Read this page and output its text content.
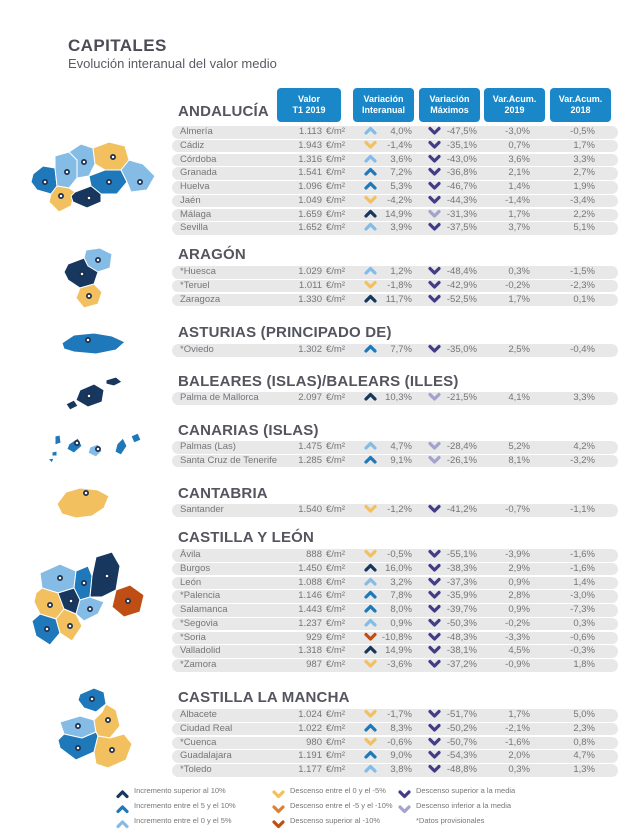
CAPITALES
Evolución interanual del valor medio
Valor
T1 2019
Variación
Interanual
Variación
Máximos
Var.Acum.
2019
Var.Acum.
2018
ANDALUCÍA
Almería	1.113 €/m²	4,0%	-47,5%	-3,0%	-0,5%
Cádiz	1.943 €/m²	-1,4%	-35,1%	0,7%	1,7%
Córdoba	1.316 €/m²	3,6%	-43,0%	3,6%	3,3%
Granada	1.541 €/m²	7,2%	-36,8%	2,1%	2,7%
Huelva	1.096 €/m²	5,3%	-46,7%	1,4%	1,9%
Jaén	1.049 €/m²	-4,2%	-44,3%	-1,4%	-3,4%
Málaga	1.659 €/m²	14,9%	-31,3%	1,7%	2,2%
Sevilla	1.652 €/m²	3,9%	-37,5%	3,7%	5,1%
ARAGÓN
*Huesca	1.029 €/m²	1,2%	-48,4%	0,3%	-1,5%
*Teruel	1.011 €/m²	-1,8%	-42,9%	-0,2%	-2,3%
Zaragoza	1.330 €/m²	11,7%	-52,5%	1,7%	0,1%
ASTURIAS (PRINCIPADO DE)
*Oviedo	1.302 €/m²	7,7%	-35,0%	2,5%	-0,4%
BALEARES (ISLAS)/BALEARS (ILLES)
Palma de Mallorca	2.097 €/m²	10,3%	-21,5%	4,1%	3,3%
CANARIAS (ISLAS)
Palmas (Las)	1.475 €/m²	4,7%	-28,4%	5,2%	4,2%
Santa Cruz de Tenerife	1.285 €/m²	9,1%	-26,1%	8,1%	-3,2%
CANTABRIA
Santander	1.540 €/m²	-1,2%	-41,2%	-0,7%	-1,1%
CASTILLA Y LEÓN
Ávila	888 €/m²	-0,5%	-55,1%	-3,9%	-1,6%
Burgos	1.450 €/m²	16,0%	-38,3%	2,9%	-1,6%
León	1.088 €/m²	3,2%	-37,3%	0,9%	1,4%
*Palencia	1.146 €/m²	7,8%	-35,9%	2,8%	-3,0%
Salamanca	1.443 €/m²	8,0%	-39,7%	0,9%	-7,3%
*Segovia	1.237 €/m²	0,9%	-50,3%	-0,2%	0,3%
*Soria	929 €/m²	-10,8%	-48,3%	-3,3%	-0,6%
Valladolid	1.318 €/m²	14,9%	-38,1%	4,5%	-0,3%
*Zamora	987 €/m²	-3,6%	-37,2%	-0,9%	1,8%
CASTILLA LA MANCHA
Albacete	1.024 €/m²	-1,7%	-51,7%	1,7%	5,0%
Ciudad Real	1.022 €/m²	8,3%	-50,2%	-2,1%	2,3%
*Cuenca	980 €/m²	-0,6%	-50,7%	-1,6%	0,8%
Guadalajara	1.191 €/m²	9,0%	-54,3%	2,0%	4,7%
*Toledo	1.177 €/m²	3,8%	-48,8%	0,3%	1,3%
Incremento superior al 10%
Incremento entre el 5 y el 10%
Incremento entre el 0 y el 5%
Descenso entre el 0 y el -5%
Descenso entre el -5 y el -10%
Descenso superior al -10%
Descenso superior a la media
Descenso inferior a la media
*Datos provisionales
